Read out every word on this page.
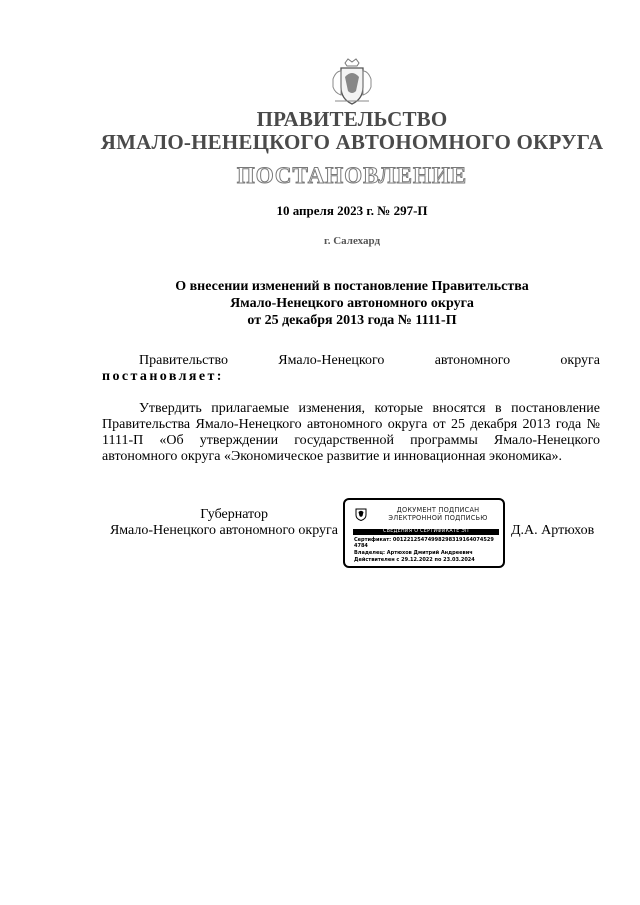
ПРАВИТЕЛЬСТВО
ЯМАЛО-НЕНЕЦКОГО АВТОНОМНОГО ОКРУГА
ПОСТАНОВЛЕНИЕ
10 апреля 2023 г. № 297-П
г. Салехард
О внесении изменений в постановление Правительства
Ямало-Ненецкого автономного округа
от 25 декабря 2013 года № 1111-П
Правительство	Ямало-Ненецкого	автономного	округа
постановляет:
Утвердить прилагаемые изменения, которые вносятся в постановление Правительства Ямало-Ненецкого автономного округа от 25 декабря 2013 года № 1111-П «Об утверждении государственной программы Ямало-Ненецкого автономного округа «Экономическое развитие и инновационная экономика».
Губернатор
Ямало-Ненецкого автономного округа
ДОКУМЕНТ ПОДПИСАН
ЭЛЕКТРОННОЙ ПОДПИСЬЮ
СВЕДЕНИЯ О СЕРТИФИКАТЕ ЭП
Сертификат: 00122125474998298319164074529
4784
Владелец: Артюхов Дмитрий Андреевич
Действителен с 29.12.2022 по 23.03.2024
Д.А. Артюхов
